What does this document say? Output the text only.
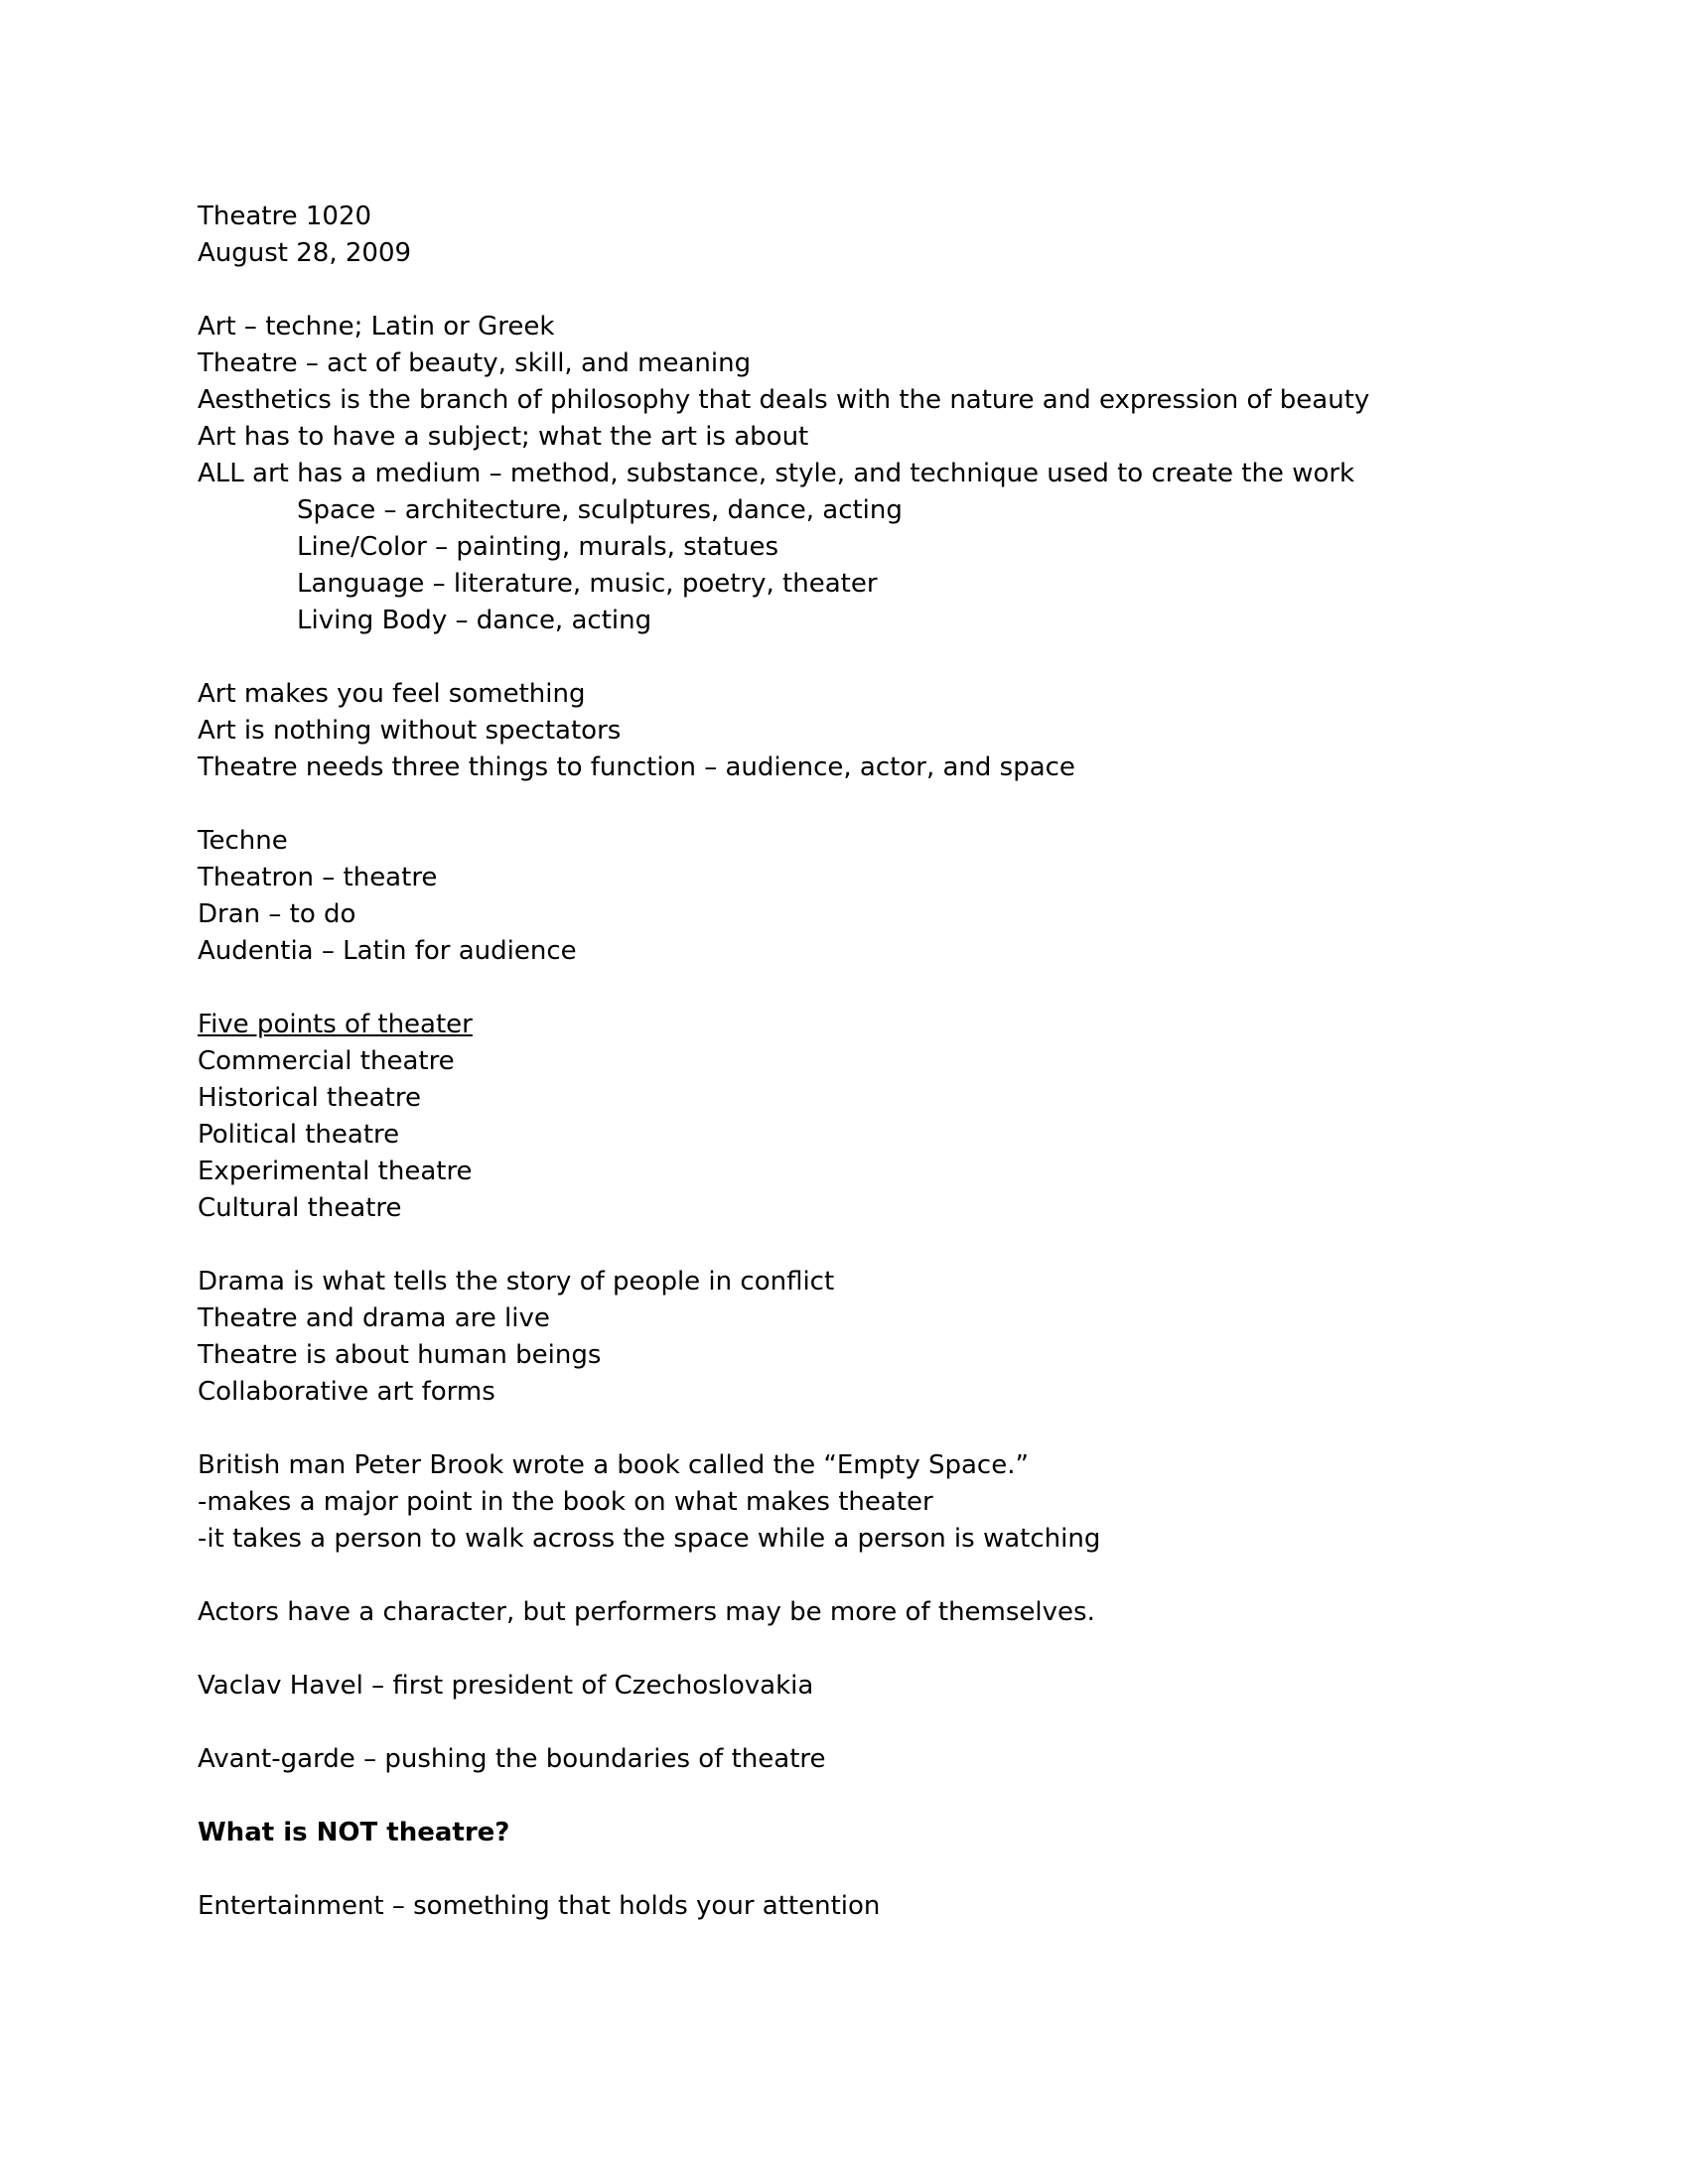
Theatre 1020
August 28, 2009
Art – techne; Latin or Greek
Theatre – act of beauty, skill, and meaning
Aesthetics is the branch of philosophy that deals with the nature and expression of beauty
Art has to have a subject; what the art is about
ALL art has a medium – method, substance, style, and technique used to create the work
Space – architecture, sculptures, dance, acting
Line/Color – painting, murals, statues
Language – literature, music, poetry, theater
Living Body – dance, acting
Art makes you feel something
Art is nothing without spectators
Theatre needs three things to function – audience, actor, and space
Techne
Theatron – theatre
Dran – to do
Audentia – Latin for audience
Five points of theater
Commercial theatre
Historical theatre
Political theatre
Experimental theatre
Cultural theatre
Drama is what tells the story of people in conflict
Theatre and drama are live
Theatre is about human beings
Collaborative art forms
British man Peter Brook wrote a book called the “Empty Space.”
-makes a major point in the book on what makes theater
-it takes a person to walk across the space while a person is watching
Actors have a character, but performers may be more of themselves.
Vaclav Havel – first president of Czechoslovakia
Avant-garde – pushing the boundaries of theatre
What is NOT theatre?
Entertainment – something that holds your attention
